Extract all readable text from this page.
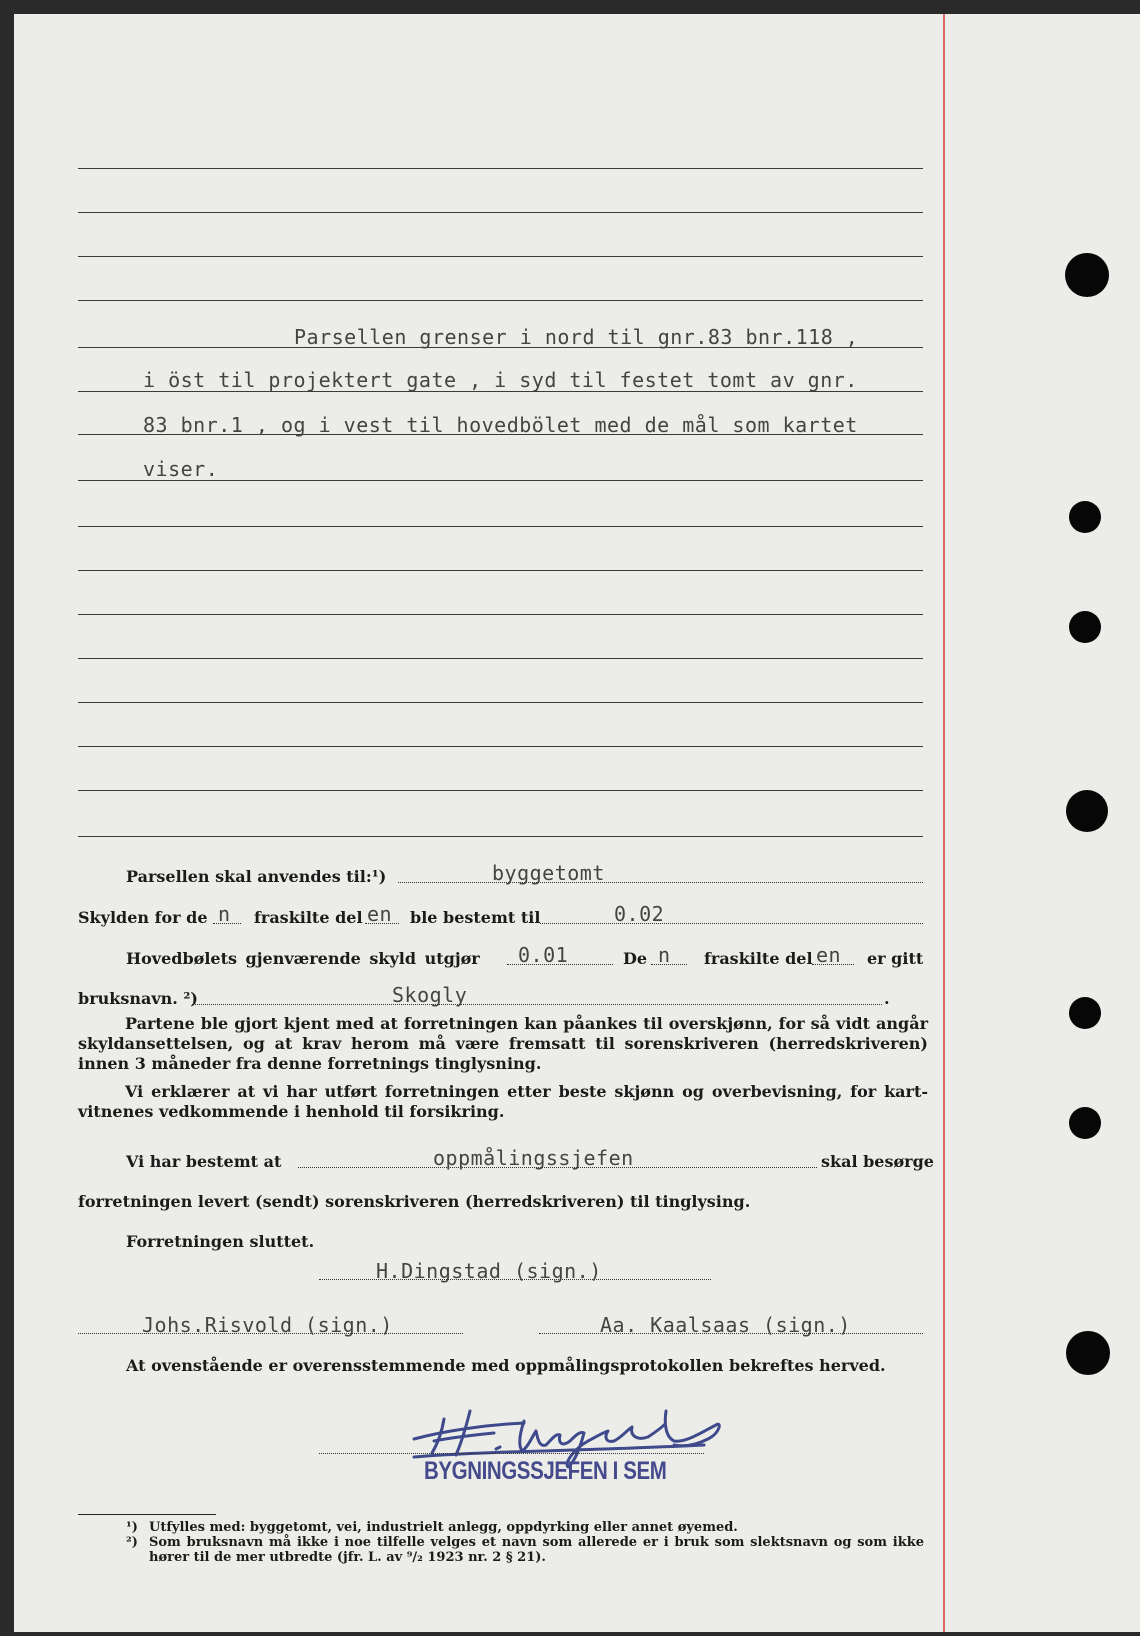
Parsellen grenser i nord til gnr.83 bnr.118 ,
i öst til projektert gate , i syd til festet tomt av gnr.
83 bnr.1 , og i vest til hovedbölet med de mål som kartet
viser.
Parsellen skal anvendes til:¹)	byggetomt
Skylden for de n fraskilte del en ble bestemt til	0.02
Hovedbølets gjenværende skyld utgjør 0.01	De n fraskilte del en er gitt
bruksnavn. ²)	Skogly	.

Partene ble gjort kjent med at forretningen kan påankes til overskjønn, for så vidt angår skyldansettelsen, og at krav herom må være fremsatt til sorenskriveren (herredskriveren) innen 3 måneder fra denne forretnings tinglysning.

Vi erklærer at vi har utført forretningen etter beste skjønn og overbevisning, for kart-vitnenes vedkommende i henhold til forsikring.

Vi har bestemt at	oppmålingssjefen	skal besørge
forretningen levert (sendt) sorenskriveren (herredskriveren) til tinglysing.
Forretningen sluttet.
H.Dingstad (sign.)
Johs.Risvold (sign.)	Aa. Kaalsaas (sign.)
At ovenstående er overensstemmende med oppmålingsprotokollen bekreftes herved.
BYGNINGSSJEFEN I SEM
¹) Utfylles med: byggetomt, vei, industrielt anlegg, oppdyrking eller annet øyemed.
²) Som bruksnavn må ikke i noe tilfelle velges et navn som allerede er i bruk som slektsnavn og som ikke hører til de mer utbredte (jfr. L. av ⁹/₂ 1923 nr. 2 § 21).
